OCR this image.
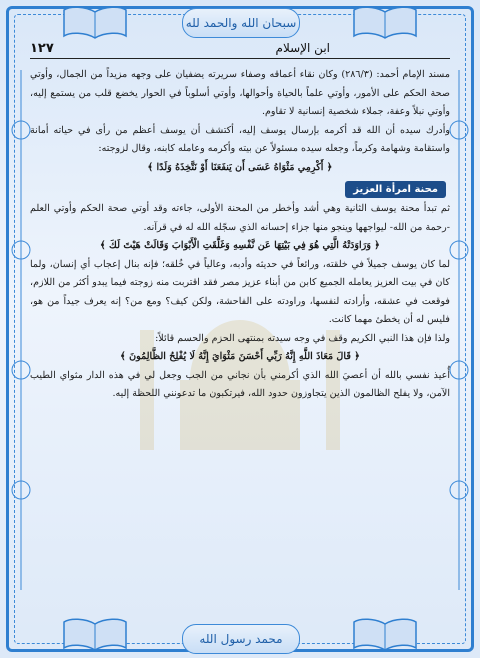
سبحان الله والحمد لله
محمد رسول الله
١٢٧	ابن الإسلام

مسند الإمام أحمد: (٢٨٦/٣) وكان نقاء أعماقه وصفاء سريرته يضفيان على وجهه مزيداً من الجمال، وأوتي صحة الحكم على الأمور، وأوتي علماً بالحياة وأحوالها، وأوتي أسلوباً في الحوار يخضع قلب من يستمع إليه، وأوتي نبلاً وعفة، جملاء شخصية إنسانية لا تقاوم.

وأدرك سيده أن الله قد أكرمه بإرسال يوسف إليه، أكتشف أن يوسف أعظم من رأى في حياته أمانة واستقامة وشهامة وكرماً، وجعله سيده مسئولاً عن بيته وأكرمه وعامله كابنه، وقال لزوجته:

﴿ أَكْرِمِي مَثْوَاهُ عَسَى أَن يَنفَعَنَا أَوْ نَتَّخِذَهُ وَلَدًا ﴾

محنة امرأة العزيز

ثم تبدأ محنة يوسف الثانية وهي أشد وأخطر من المحنة الأولى، جاءته وقد أوتي صحة الحكم وأوتي العلم -رحمة من الله- ليواجهها وينجو منها جزاء إحسانه الذي سجّله الله له في قرآنه.

﴿ وَرَاوَدَتْهُ الَّتِي هُوَ فِي بَيْتِهَا عَن نَّفْسِهِ وَغَلَّقَتِ الْأَبْوَابَ وَقَالَتْ هَيْتَ لَكَ ﴾

لما كان يوسف جميلاً في خلقته، ورائعاً في حديثه وأدبه، وعالياً في خُلقه؛ فإنه بنال إعجاب أي إنسان، ولما كان في بيت العزيز يعامله الجميع كابن من أبناء عزيز مصر فقد اقتربت منه زوجته فيما يبدو أكثر من اللازم، فوقعت في عشقه، وأرادته لنفسها، وراودته على الفاحشة، ولكن كيف؟ ومع من؟ إنه يعرف جيداً من هو، فليس له أن يخطئ مهما كانت.

ولذا فإن هذا النبي الكريم وقف في وجه سيدته بمنتهى الحزم والحسم قائلاً:

﴿ قَالَ مَعَاذَ اللَّهِ إِنَّهُ رَبِّي أَحْسَنَ مَثْوَايَ إِنَّهُ لَا يُفْلِحُ الظَّالِمُونَ ﴾

أُعيذ نفسي بالله أن أعصيَ الله الذي أكرمني بأن نجاني من الجب وجعل لي في هذه الدار مثواي الطيب الآمن، ولا يفلح الظالمون الذين يتجاوزون حدود الله، فيرتكبون ما تدعونني اللحظة إليه.
